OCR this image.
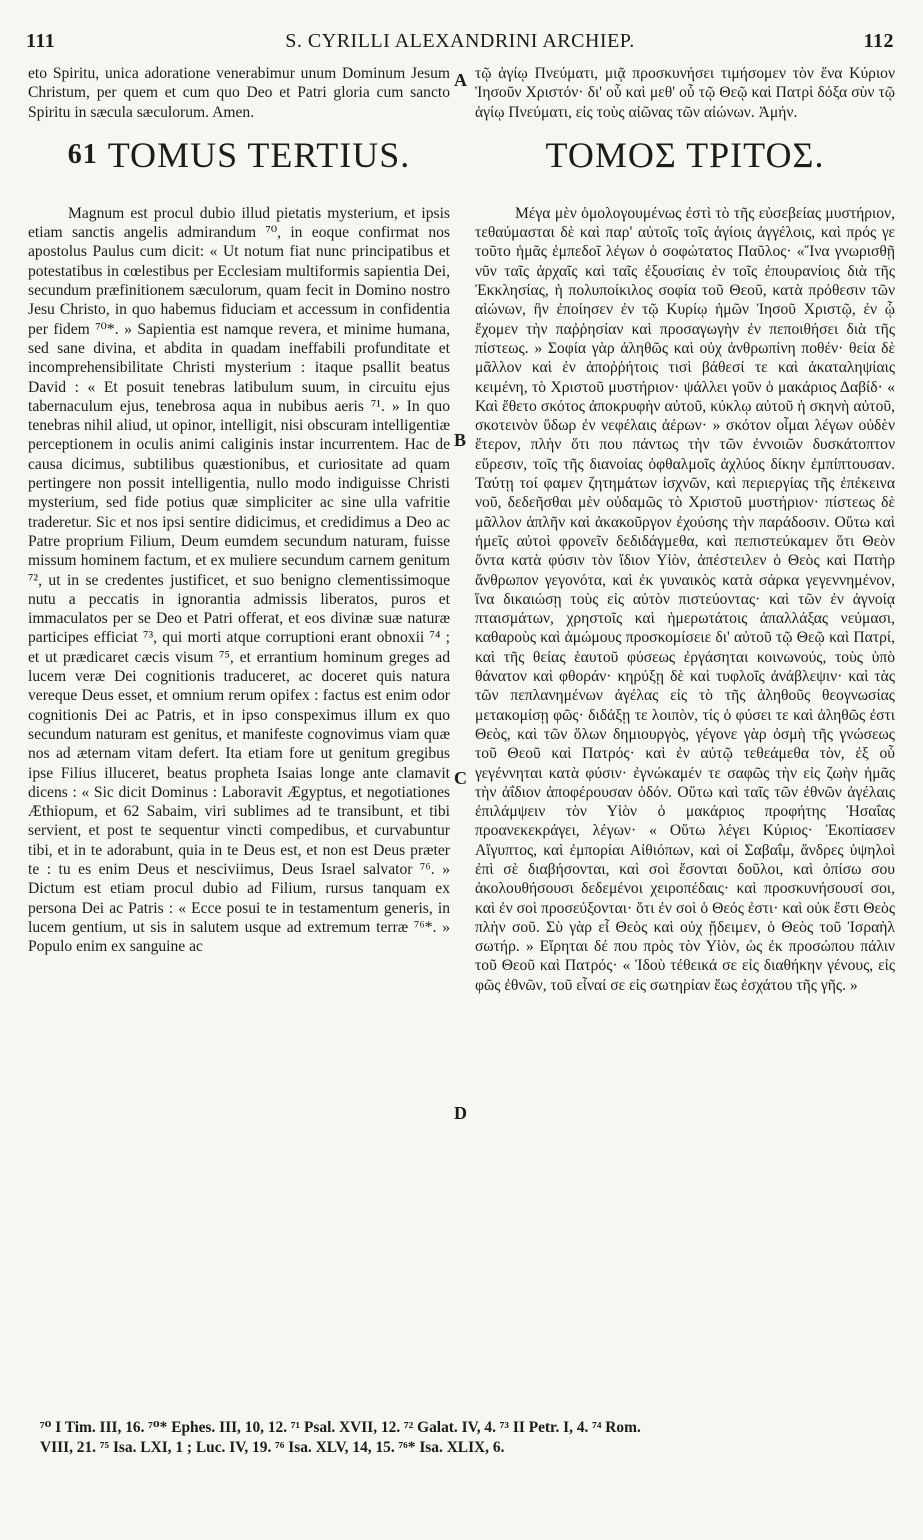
111	S. CYRILLI ALEXANDRINI ARCHIEP.	112

eto Spiritu, unica adoratione venerabimur unum Dominum Jesum Christum, per quem et cum quo Deo et Patri gloria cum sancto Spiritu in sæcula sæculorum. Amen.

$^{61}$ TOMUS TERTIUS.

Magnum est procul dubio illud pietatis mysterium, et ipsis etiam sanctis angelis admirandum ⁷⁰, in eoque confirmat nos apostolus Paulus cum dicit: « Ut notum fiat nunc principatibus et potestatibus in cœlestibus per Ecclesiam multiformis sapientia Dei, secundum præfinitionem sæculorum, quam fecit in Domino nostro Jesu Christo, in quo habemus fiduciam et accessum in confidentia per fidem ⁷⁰*. » Sapientia est namque revera, et minime humana, sed sane divina, et abdita in quadam ineffabili profunditate et incomprehensibilitate Christi mysterium : itaque psallit beatus David : « Et posuit tenebras latibulum suum, in circuitu ejus tabernaculum ejus, tenebrosa aqua in nubibus aeris ⁷¹. » In quo tenebras nihil aliud, ut opinor, intelligit, nisi obscuram intelligentiæ perceptionem in oculis animi caliginis instar incurrentem. Hac de causa dicimus, subtilibus quæstionibus, et curiositate ad quam pertingere non possit intelligentia, nullo modo indiguisse Christi mysterium, sed fide potius quæ simpliciter ac sine ulla vafritie traderetur. Sic et nos ipsi sentire didicimus, et credidimus a Deo ac Patre proprium Filium, Deum eumdem secundum naturam, fuisse missum hominem factum, et ex muliere secundum carnem genitum ⁷², ut in se credentes justificet, et suo benigno clementissimoque nutu a peccatis in ignorantia admissis liberatos, puros et immaculatos per se Deo et Patri offerat, et eos divinæ suæ naturæ participes efficiat ⁷³, qui morti atque corruptioni erant obnoxii ⁷⁴ ; et ut prædicaret cæcis visum ⁷⁵, et errantium hominum greges ad lucem veræ Dei cognitionis traduceret, ac doceret quis natura vereque Deus esset, et omnium rerum opifex : factus est enim odor cognitionis Dei ac Patris, et in ipso conspeximus illum ex quo secundum naturam est genitus, et manifeste cognovimus viam quæ nos ad æternam vitam defert. Ita etiam fore ut genitum gregibus ipse Filius illuceret, beatus propheta Isaias longe ante clamavit dicens : « Sic dicit Dominus : Laboravit Ægyptus, et negotiationes Æthiopum, et 62 Sabaim, viri sublimes ad te transibunt, et tibi servient, et post te sequentur vincti compedibus, et curvabuntur tibi, et in te adorabunt, quia in te Deus est, et non est Deus præter te : tu es enim Deus et nesciviimus, Deus Israel salvator ⁷⁶. » Dictum est etiam procul dubio ad Filium, rursus tanquam ex persona Dei ac Patris : « Ecce posui te in testamentum generis, in lucem gentium, ut sis in salutem usque ad extremum terræ ⁷⁶*. » Populo enim ex sanguine ac

τῷ ἁγίῳ Πνεύματι, μιᾷ προσκυνήσει τιμήσομεν τὸν ἕνα Κύριον Ἰησοῦν Χριστόν· δι' οὗ καὶ μεθ' οὗ τῷ Θεῷ καὶ Πατρὶ δόξα σὺν τῷ ἁγίῳ Πνεύματι, εἰς τοὺς αἰῶνας τῶν αἰώνων. Ἀμήν.

ΤΟΜΟΣ ΤΡΙΤΟΣ.

Μέγα μὲν ὁμολογουμένως ἐστὶ τὸ τῆς εὐσεβείας μυστήριον, τεθαύμασται δὲ καὶ παρ' αὐτοῖς τοῖς ἁγίοις ἀγγέλοις, καὶ πρός γε τοῦτο ἡμᾶς ἐμπεδοῖ λέγων ὁ σοφώτατος Παῦλος· «Ἵνα γνωρισθῇ νῦν ταῖς ἀρχαῖς καὶ ταῖς ἐξουσίαις ἐν τοῖς ἐπουρανίοις διὰ τῆς Ἐκκλησίας, ἡ πολυποίκιλος σοφία τοῦ Θεοῦ, κατὰ πρόθεσιν τῶν αἰώνων, ἣν ἐποίησεν ἐν τῷ Κυρίῳ ἡμῶν Ἰησοῦ Χριστῷ, ἐν ᾧ ἔχομεν τὴν παῤῥησίαν καὶ προσαγωγὴν ἐν πεποιθήσει διὰ τῆς πίστεως. » Σοφία γὰρ ἀληθῶς καὶ οὐχ ἀνθρωπίνη ποθέν· θεία δὲ μᾶλλον καὶ ἐν ἀποῤῥήτοις τισὶ βάθεσί τε καὶ ἀκαταληψίαις κειμένη, τὸ Χριστοῦ μυστήριον· ψάλλει γοῦν ὁ μακάριος Δαβίδ· « Καὶ ἔθετο σκότος ἀποκρυφὴν αὐτοῦ, κύκλῳ αὐτοῦ ἡ σκηνὴ αὐτοῦ, σκοτεινὸν ὕδωρ ἐν νεφέλαις ἀέρων· » σκότον οἶμαι λέγων οὐδὲν ἕτερον, πλὴν ὅτι που πάντως τὴν τῶν ἐννοιῶν δυσκάτοπτον εὕρεσιν, τοῖς τῆς διανοίας ὀφθαλμοῖς ἀχλύος δίκην ἐμπίπτουσαν. Ταύτῃ τοί φαμεν ζητημάτων ἰσχνῶν, καὶ περιεργίας τῆς ἐπέκεινα νοῦ, δεδεῆσθαι μὲν οὐδαμῶς τὸ Χριστοῦ μυστήριον· πίστεως δὲ μᾶλλον ἁπλῆν καὶ ἀκακοῦργον ἐχούσης τὴν παράδοσιν. Οὕτω καὶ ἡμεῖς αὐτοὶ φρονεῖν δεδιδάγμεθα, καὶ πεπιστεύκαμεν ὅτι Θεὸν ὄντα κατὰ φύσιν τὸν ἴδιον Υἱὸν, ἀπέστειλεν ὁ Θεὸς καὶ Πατὴρ ἄνθρωπον γεγονότα, καὶ ἐκ γυναικὸς κατὰ σάρκα γεγεννημένον, ἵνα δικαιώσῃ τοὺς εἰς αὐτὸν πιστεύοντας· καὶ τῶν ἐν ἀγνοίᾳ πταισμάτων, χρηστοῖς καὶ ἡμερωτάτοις ἀπαλλάξας νεύμασι, καθαροὺς καὶ ἀμώμους προσκομίσειε δι' αὐτοῦ τῷ Θεῷ καὶ Πατρί, καὶ τῆς θείας ἑαυτοῦ φύσεως ἐργάσηται κοινωνούς, τοὺς ὑπὸ θάνατον καὶ φθοράν· κηρύξῃ δὲ καὶ τυφλοῖς ἀνάβλεψιν· καὶ τὰς τῶν πεπλανημένων ἀγέλας εἰς τὸ τῆς ἀληθοῦς θεογνωσίας μετακομίσῃ φῶς· διδάξῃ τε λοιπὸν, τίς ὁ φύσει τε καὶ ἀληθῶς ἐστι Θεὸς, καὶ τῶν ὅλων δημιουργὸς, γέγονε γὰρ ὀσμὴ τῆς γνώσεως τοῦ Θεοῦ καὶ Πατρός· καὶ ἐν αὐτῷ τεθεάμεθα τὸν, ἐξ οὗ γεγέννηται κατὰ φύσιν· ἐγνώκαμέν τε σαφῶς τὴν εἰς ζωὴν ἡμᾶς τὴν ἀΐδιον ἀποφέρουσαν ὁδόν. Οὕτω καὶ ταῖς τῶν ἐθνῶν ἀγέλαις ἐπιλάμψειν τὸν Υἱὸν ὁ μακάριος προφήτης Ἡσαΐας προανεκεκράγει, λέγων· « Οὕτω λέγει Κύριος· Ἐκοπίασεν Αἴγυπτος, καὶ ἐμπορίαι Αἰθιόπων, καὶ οἱ Σαβαΐμ, ἄνδρες ὑψηλοὶ ἐπὶ σὲ διαβήσονται, καὶ σοὶ ἔσονται δοῦλοι, καὶ ὀπίσω σου ἀκολουθήσουσι δεδεμένοι χειροπέδαις· καὶ προσκυνήσουσί σοι, καὶ ἐν σοὶ προσεύξονται· ὅτι ἐν σοὶ ὁ Θεός ἐστι· καὶ οὐκ ἔστι Θεὸς πλὴν σοῦ. Σὺ γὰρ εἶ Θεὸς καὶ οὐχ ᾔδειμεν, ὁ Θεὸς τοῦ Ἰσραὴλ σωτήρ. » Εἴρηται δέ που πρὸς τὸν Υἱὸν, ὡς ἐκ προσώπου πάλιν τοῦ Θεοῦ καὶ Πατρός· « Ἰδοὺ τέθεικά σε εἰς διαθήκην γένους, εἰς φῶς ἐθνῶν, τοῦ εἶναί σε εἰς σωτηρίαν ἕως ἐσχάτου τῆς γῆς. »

A
B
C
D

⁷⁰ I Tim. III, 16. ⁷⁰* Ephes. III, 10, 12. ⁷¹ Psal. XVII, 12. ⁷² Galat. IV, 4. ⁷³ II Petr. I, 4. ⁷⁴ Rom.

VIII, 21. ⁷⁵ Isa. LXI, 1 ; Luc. IV, 19. ⁷⁶ Isa. XLV, 14, 15. ⁷⁶* Isa. XLIX, 6.
